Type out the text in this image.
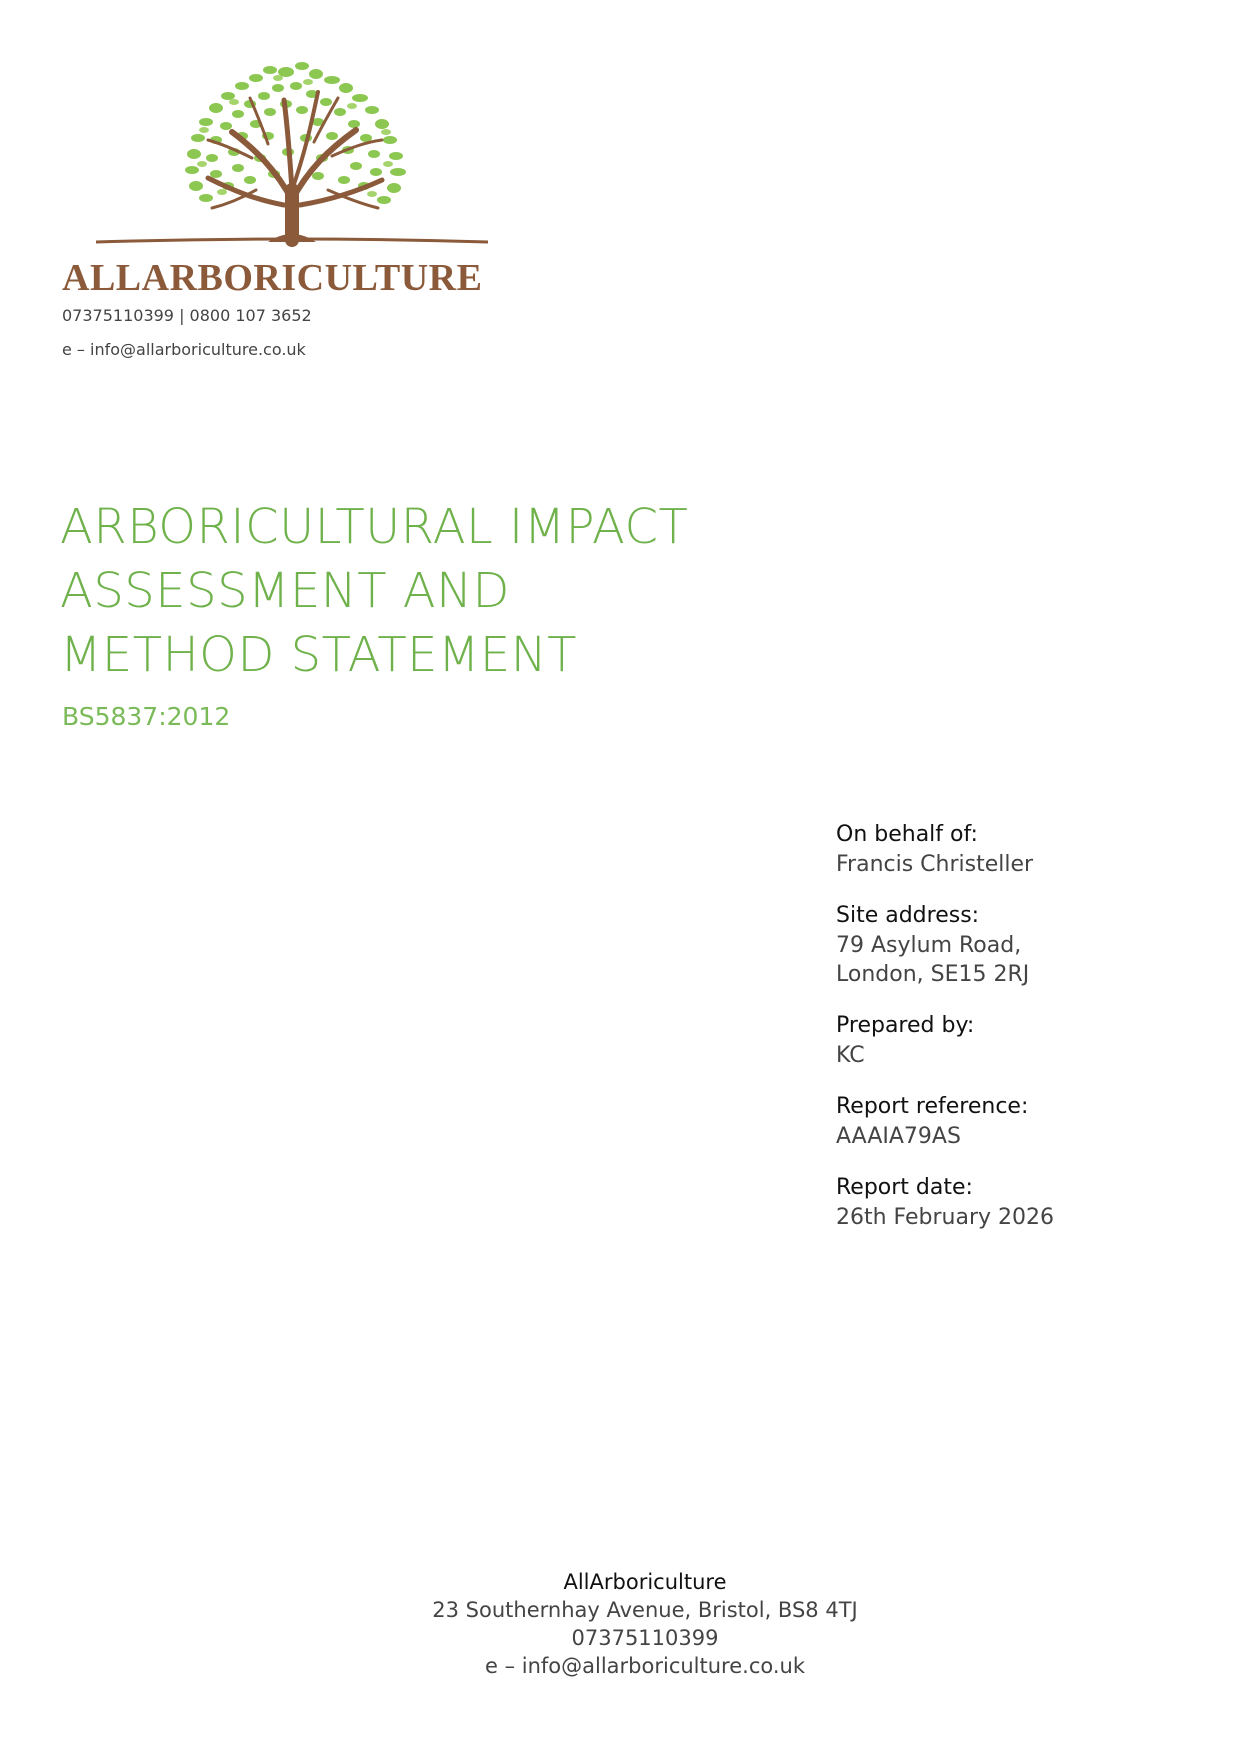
ALLARBORICULTURE
07375110399 | 0800 107 3652
e – info@allarboriculture.co.uk
ARBORICULTURAL IMPACT
ASSESSMENT AND
METHOD STATEMENT
BS5837:2012
On behalf of:
Francis Christeller
Site address:
79 Asylum Road,
London, SE15 2RJ
Prepared by:
KC
Report reference:
AAAIA79AS
Report date:
26th February 2026
AllArboriculture
23 Southernhay Avenue, Bristol, BS8 4TJ
07375110399
e – info@allarboriculture.co.uk
